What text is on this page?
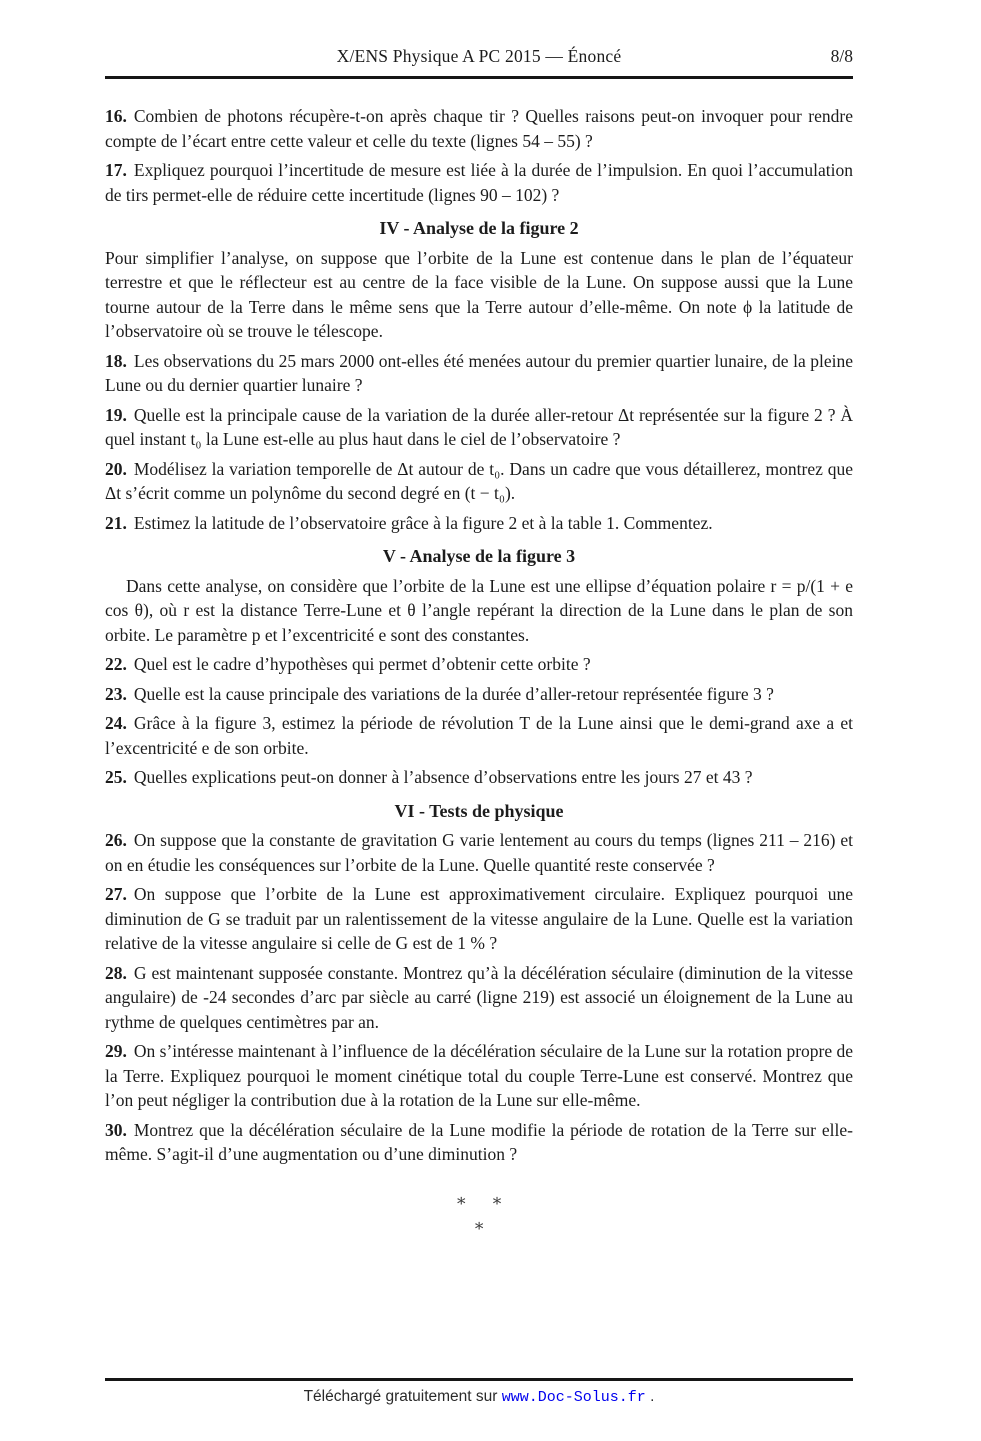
X/ENS Physique A PC 2015 — Énoncé	8/8

16. Combien de photons récupère-t-on après chaque tir ? Quelles raisons peut-on invoquer pour rendre compte de l’écart entre cette valeur et celle du texte (lignes 54 – 55) ?

17. Expliquez pourquoi l’incertitude de mesure est liée à la durée de l’impulsion. En quoi l’accumulation de tirs permet-elle de réduire cette incertitude (lignes 90 – 102) ?

IV - Analyse de la figure 2

Pour simplifier l’analyse, on suppose que l’orbite de la Lune est contenue dans le plan de l’équateur terrestre et que le réflecteur est au centre de la face visible de la Lune. On suppose aussi que la Lune tourne autour de la Terre dans le même sens que la Terre autour d’elle-même. On note ϕ la latitude de l’observatoire où se trouve le télescope.

18. Les observations du 25 mars 2000 ont-elles été menées autour du premier quartier lunaire, de la pleine Lune ou du dernier quartier lunaire ?

19. Quelle est la principale cause de la variation de la durée aller-retour Δt représentée sur la figure 2 ? À quel instant t₀ la Lune est-elle au plus haut dans le ciel de l’observatoire ?

20. Modélisez la variation temporelle de Δt autour de t₀. Dans un cadre que vous détaillerez, montrez que Δt s’écrit comme un polynôme du second degré en (t − t₀).

21. Estimez la latitude de l’observatoire grâce à la figure 2 et à la table 1. Commentez.

V - Analyse de la figure 3

Dans cette analyse, on considère que l’orbite de la Lune est une ellipse d’équation polaire r = p/(1 + e cos θ), où r est la distance Terre-Lune et θ l’angle repérant la direction de la Lune dans le plan de son orbite. Le paramètre p et l’excentricité e sont des constantes.

22. Quel est le cadre d’hypothèses qui permet d’obtenir cette orbite ?

23. Quelle est la cause principale des variations de la durée d’aller-retour représentée figure 3 ?

24. Grâce à la figure 3, estimez la période de révolution T de la Lune ainsi que le demi-grand axe a et l’excentricité e de son orbite.

25. Quelles explications peut-on donner à l’absence d’observations entre les jours 27 et 43 ?

VI - Tests de physique

26. On suppose que la constante de gravitation G varie lentement au cours du temps (lignes 211 – 216) et on en étudie les conséquences sur l’orbite de la Lune. Quelle quantité reste conservée ?

27. On suppose que l’orbite de la Lune est approximativement circulaire. Expliquez pourquoi une diminution de G se traduit par un ralentissement de la vitesse angulaire de la Lune. Quelle est la variation relative de la vitesse angulaire si celle de G est de 1 % ?

28. G est maintenant supposée constante. Montrez qu’à la décélération séculaire (diminution de la vitesse angulaire) de -24 secondes d’arc par siècle au carré (ligne 219) est associé un éloignement de la Lune au rythme de quelques centimètres par an.

29. On s’intéresse maintenant à l’influence de la décélération séculaire de la Lune sur la rotation propre de la Terre. Expliquez pourquoi le moment cinétique total du couple Terre-Lune est conservé. Montrez que l’on peut négliger la contribution due à la rotation de la Lune sur elle-même.

30. Montrez que la décélération séculaire de la Lune modifie la période de rotation de la Terre sur elle-même. S’agit-il d’une augmentation ou d’une diminution ?

∗ ∗
∗
Téléchargé gratuitement sur www.Doc-Solus.fr .
